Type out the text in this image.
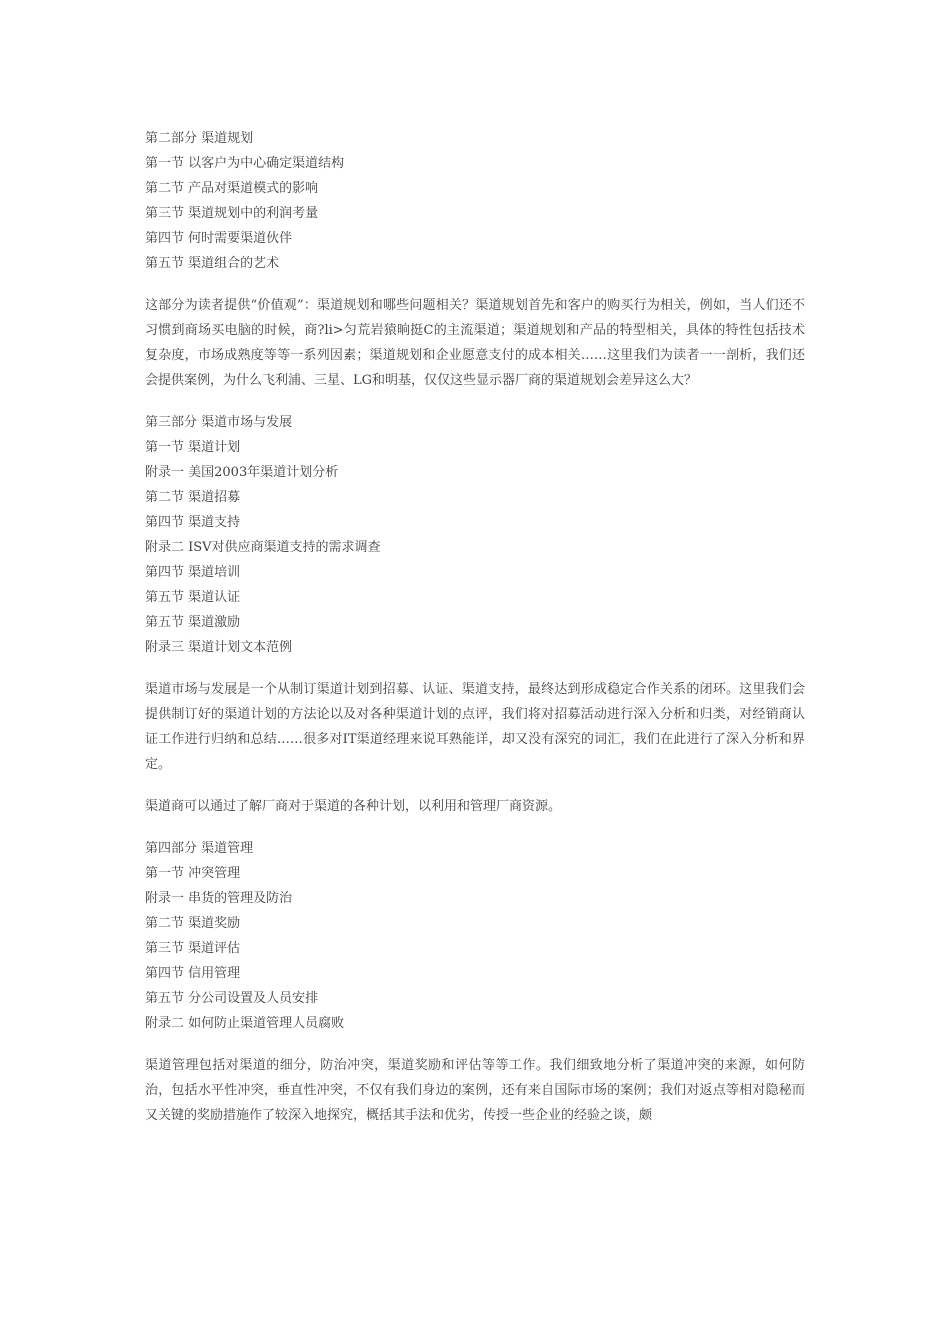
第二部分 渠道规划
第一节 以客户为中心确定渠道结构
第二节 产品对渠道模式的影响
第三节 渠道规划中的利润考量
第四节 何时需要渠道伙伴
第五节 渠道组合的艺术

这部分为读者提供“价值观”：渠道规划和哪些问题相关？渠道规划首先和客户的购买行为相关，例如，当人们还不习惯到商场买电脑的时候，商?li>匀荒岩猿晌挺C的主流渠道；渠道规划和产品的特型相关，具体的特性包括技术复杂度，市场成熟度等等一系列因素；渠道规划和企业愿意支付的成本相关……这里我们为读者一一剖析，我们还会提供案例，为什么飞利浦、三星、LG和明基，仅仅这些显示器厂商的渠道规划会差异这么大？

第三部分 渠道市场与发展
第一节 渠道计划
附录一 美国2003年渠道计划分析
第二节 渠道招募
第四节 渠道支持
附录二 ISV对供应商渠道支持的需求调查
第四节 渠道培训
第五节 渠道认证
第五节 渠道激励
附录三 渠道计划文本范例

渠道市场与发展是一个从制订渠道计划到招募、认证、渠道支持，最终达到形成稳定合作关系的闭环。这里我们会提供制订好的渠道计划的方法论以及对各种渠道计划的点评，我们将对招募活动进行深入分析和归类，对经销商认证工作进行归纳和总结……很多对IT渠道经理来说耳熟能详，却又没有深究的词汇，我们在此进行了深入分析和界定。

渠道商可以通过了解厂商对于渠道的各种计划，以利用和管理厂商资源。

第四部分 渠道管理
第一节 冲突管理
附录一 串货的管理及防治
第二节 渠道奖励
第三节 渠道评估
第四节 信用管理
第五节 分公司设置及人员安排
附录二 如何防止渠道管理人员腐败

渠道管理包括对渠道的细分，防治冲突，渠道奖励和评估等等工作。我们细致地分析了渠道冲突的来源，如何防治，包括水平性冲突，垂直性冲突，不仅有我们身边的案例，还有来自国际市场的案例；我们对返点等相对隐秘而又关键的奖励措施作了较深入地探究，概括其手法和优劣，传授一些企业的经验之谈，颇
